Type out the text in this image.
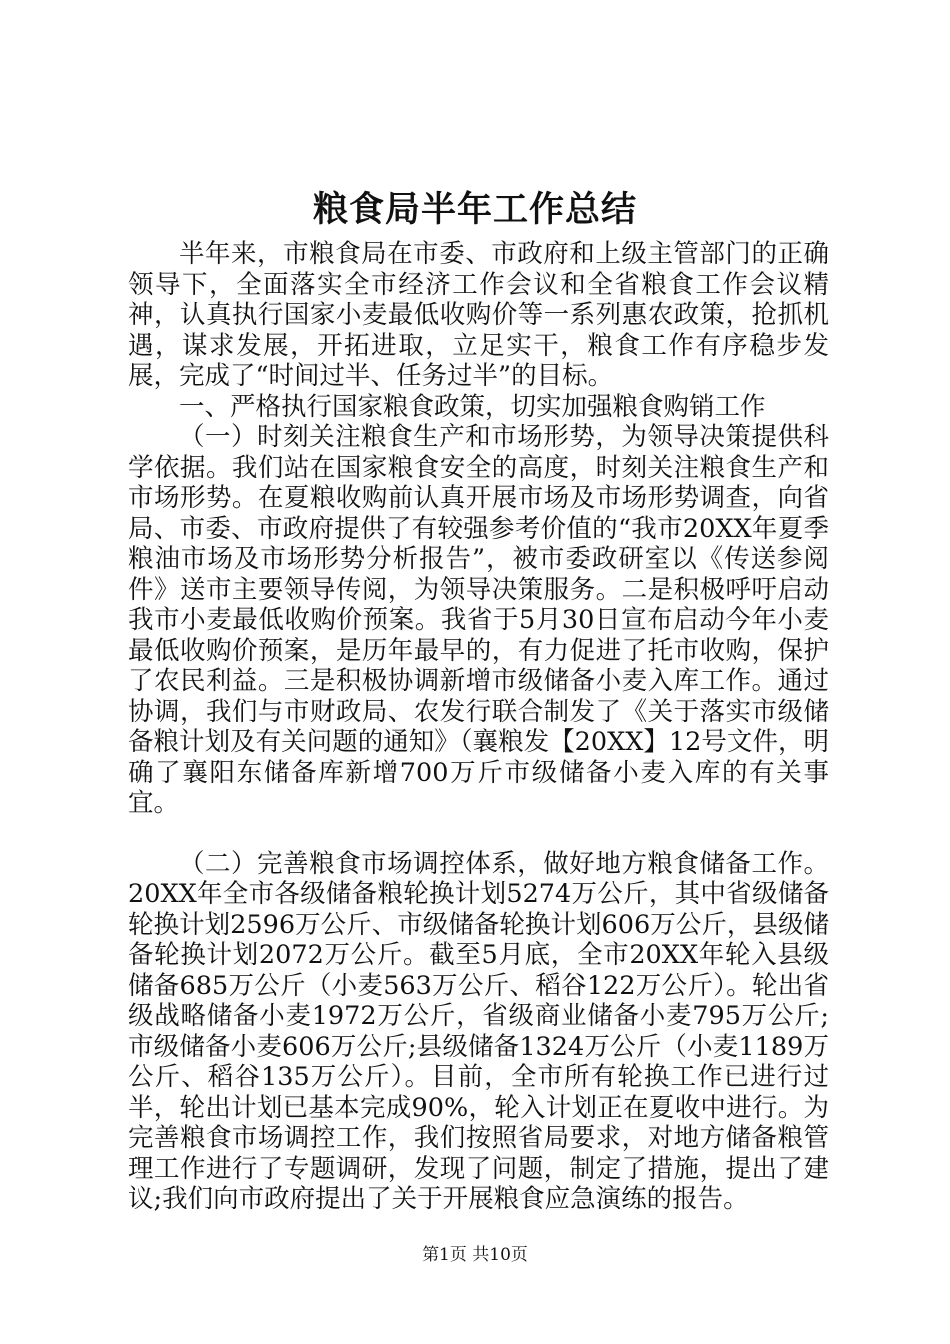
粮食局半年工作总结

半年来，市粮食局在市委、市政府和上级主管部门的正确领导下，全面落实全市经济工作会议和全省粮食工作会议精神，认真执行国家小麦最低收购价等一系列惠农政策，抢抓机遇，谋求发展，开拓进取，立足实干，粮食工作有序稳步发展，完成了“时间过半、任务过半”的目标。

一、严格执行国家粮食政策，切实加强粮食购销工作

（一）时刻关注粮食生产和市场形势，为领导决策提供科学依据。我们站在国家粮食安全的高度，时刻关注粮食生产和市场形势。在夏粮收购前认真开展市场及市场形势调查，向省局、市委、市政府提供了有较强参考价值的“我市20XX年夏季粮油市场及市场形势分析报告”，被市委政研室以《传送参阅件》送市主要领导传阅，为领导决策服务。二是积极呼吁启动我市小麦最低收购价预案。我省于5月30日宣布启动今年小麦最低收购价预案，是历年最早的，有力促进了托市收购，保护了农民利益。三是积极协调新增市级储备小麦入库工作。通过协调，我们与市财政局、农发行联合制发了《关于落实市级储备粮计划及有关问题的通知》（襄粮发【20XX】12号文件，明确了襄阳东储备库新增700万斤市级储备小麦入库的有关事宜。

（二）完善粮食市场调控体系，做好地方粮食储备工作。20XX年全市各级储备粮轮换计划5274万公斤，其中省级储备轮换计划2596万公斤、市级储备轮换计划606万公斤，县级储备轮换计划2072万公斤。截至5月底，全市20XX年轮入县级储备685万公斤（小麦563万公斤、稻谷122万公斤）。轮出省级战略储备小麦1972万公斤，省级商业储备小麦795万公斤;市级储备小麦606万公斤;县级储备1324万公斤（小麦1189万公斤、稻谷135万公斤）。目前，全市所有轮换工作已进行过半，轮出计划已基本完成90%，轮入计划正在夏收中进行。为完善粮食市场调控工作，我们按照省局要求，对地方储备粮管理工作进行了专题调研，发现了问题，制定了措施，提出了建议;我们向市政府提出了关于开展粮食应急演练的报告。

第1页 共10页
